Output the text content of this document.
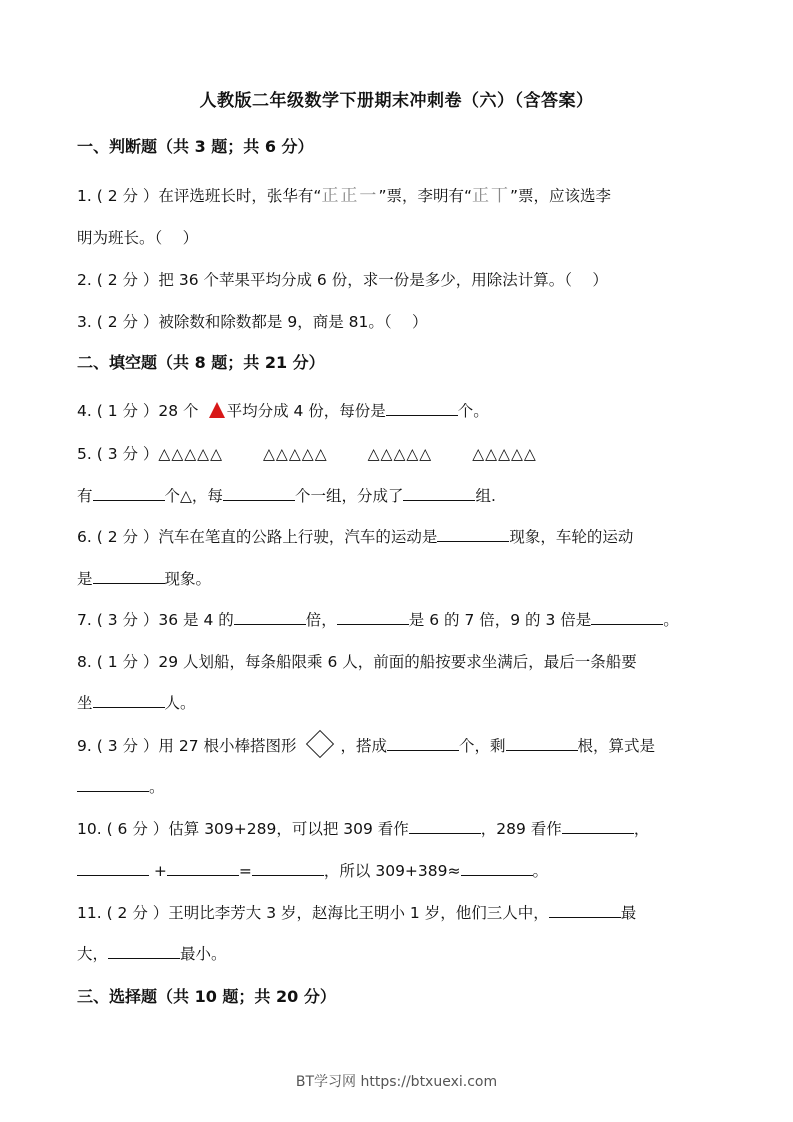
人教版二年级数学下册期末冲刺卷（六）（含答案）
一、判断题（共 3 题；共 6 分）
1. ( 2 分 ）在评选班长时，张华有“正正一”票，李明有“正丅”票，应该选李
明为班长。（　 ）
2. ( 2 分 ）把 36 个苹果平均分成 6 份，求一份是多少，用除法计算。（　 ）
3. ( 2 分 ）被除数和除数都是 9，商是 81。（　 ）
二、填空题（共 8 题；共 21 分）
4. ( 1 分 ）28 个 平均分成 4 份，每份是	个。
5. ( 3 分 ）△△△△△	△△△△△	△△△△△	△△△△△
有	个△，每	个一组，分成了	组.
6. ( 2 分 ）汽车在笔直的公路上行驶，汽车的运动是	现象，车轮的运动
是	现象。
7. ( 3 分 ）36 是 4 的	倍，	是 6 的 7 倍，9 的 3 倍是	。
8. ( 1 分 ）29 人划船，每条船限乘 6 人，前面的船按要求坐满后，最后一条船要
坐	人。
9. ( 3 分 ）用 27 根小棒搭图形	，搭成	个，剩	根，算式是
。
10. ( 6 分 ）估算 309+289，可以把 309 看作	，289 看作	，
+	=	，所以 309+389≈	。
11. ( 2 分 ）王明比李芳大 3 岁，赵海比王明小 1 岁，他们三人中，	最
大，	最小。
三、选择题（共 10 题；共 20 分）
BT学习网 https://btxuexi.com
